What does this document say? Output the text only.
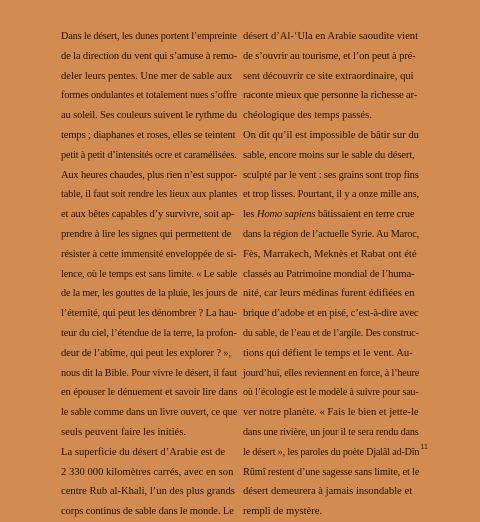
Dans le désert, les dunes portent l’empreinte
de la direction du vent qui s’amuse à remo-
deler leurs pentes. Une mer de sable aux
formes ondulantes et totalement nues s’offre
au soleil. Ses couleurs suivent le rythme du
temps ; diaphanes et roses, elles se teintent
petit à petit d’intensités ocre et caramélisées.
Aux heures chaudes, plus rien n’est suppor-
table, il faut soit rendre les lieux aux plantes
et aux bêtes capables d’y survivre, soit ap-
prendre à lire les signes qui permettent de
résister à cette immensité enveloppée de si-
lence, où le temps est sans limite. « Le sable
de la mer, les gouttes de la pluie, les jours de
l’éternité, qui peut les dénombrer ? La hau-
teur du ciel, l’étendue de la terre, la profon-
deur de l’abîme, qui peut les explorer ? »,
nous dit la Bible. Pour vivre le désert, il faut
en épouser le dénuement et savoir lire dans
le sable comme dans un livre ouvert, ce que
seuls peuvent faire les initiés.
La superficie du désert d’Arabie est de
2 330 000 kilomètres carrés, avec en son
centre Rub al-Khali, l’un des plus grands
corps continus de sable dans le monde. Le
désert d’Al-‘Ula en Arabie saoudite vient
de s’ouvrir au tourisme, et l’on peut à pré-
sent découvrir ce site extraordinaire, qui
raconte mieux que personne la richesse ar-
chéologique des temps passés.
On dit qu’il est impossible de bâtir sur du
sable, encore moins sur le sable du désert,
sculpté par le vent : ses grains sont trop fins
et trop lisses. Pourtant, il y a onze mille ans,
les Homo sapiens bâtissaient en terre crue
dans la région de l’actuelle Syrie. Au Maroc,
Fès, Marrakech, Meknès et Rabat ont été
classés au Patrimoine mondial de l’huma-
nité, car leurs médinas furent édifiées en
brique d’adobe et en pisé, c’est-à-dire avec
du sable, de l’eau et de l’argile. Des construc-
tions qui défient le temps et le vent. Au-
jourd’hui, elles reviennent en force, à l’heure
où l’écologie est le modèle à suivre pour sau-
ver notre planète. « Fais le bien et jette-le
dans une rivière, un jour il te sera rendu dans
le désert », les paroles du poète Djalâl ad-Dîn
Rûmî restent d’une sagesse sans limite, et le
désert demeurera à jamais insondable et
rempli de mystère.
11
